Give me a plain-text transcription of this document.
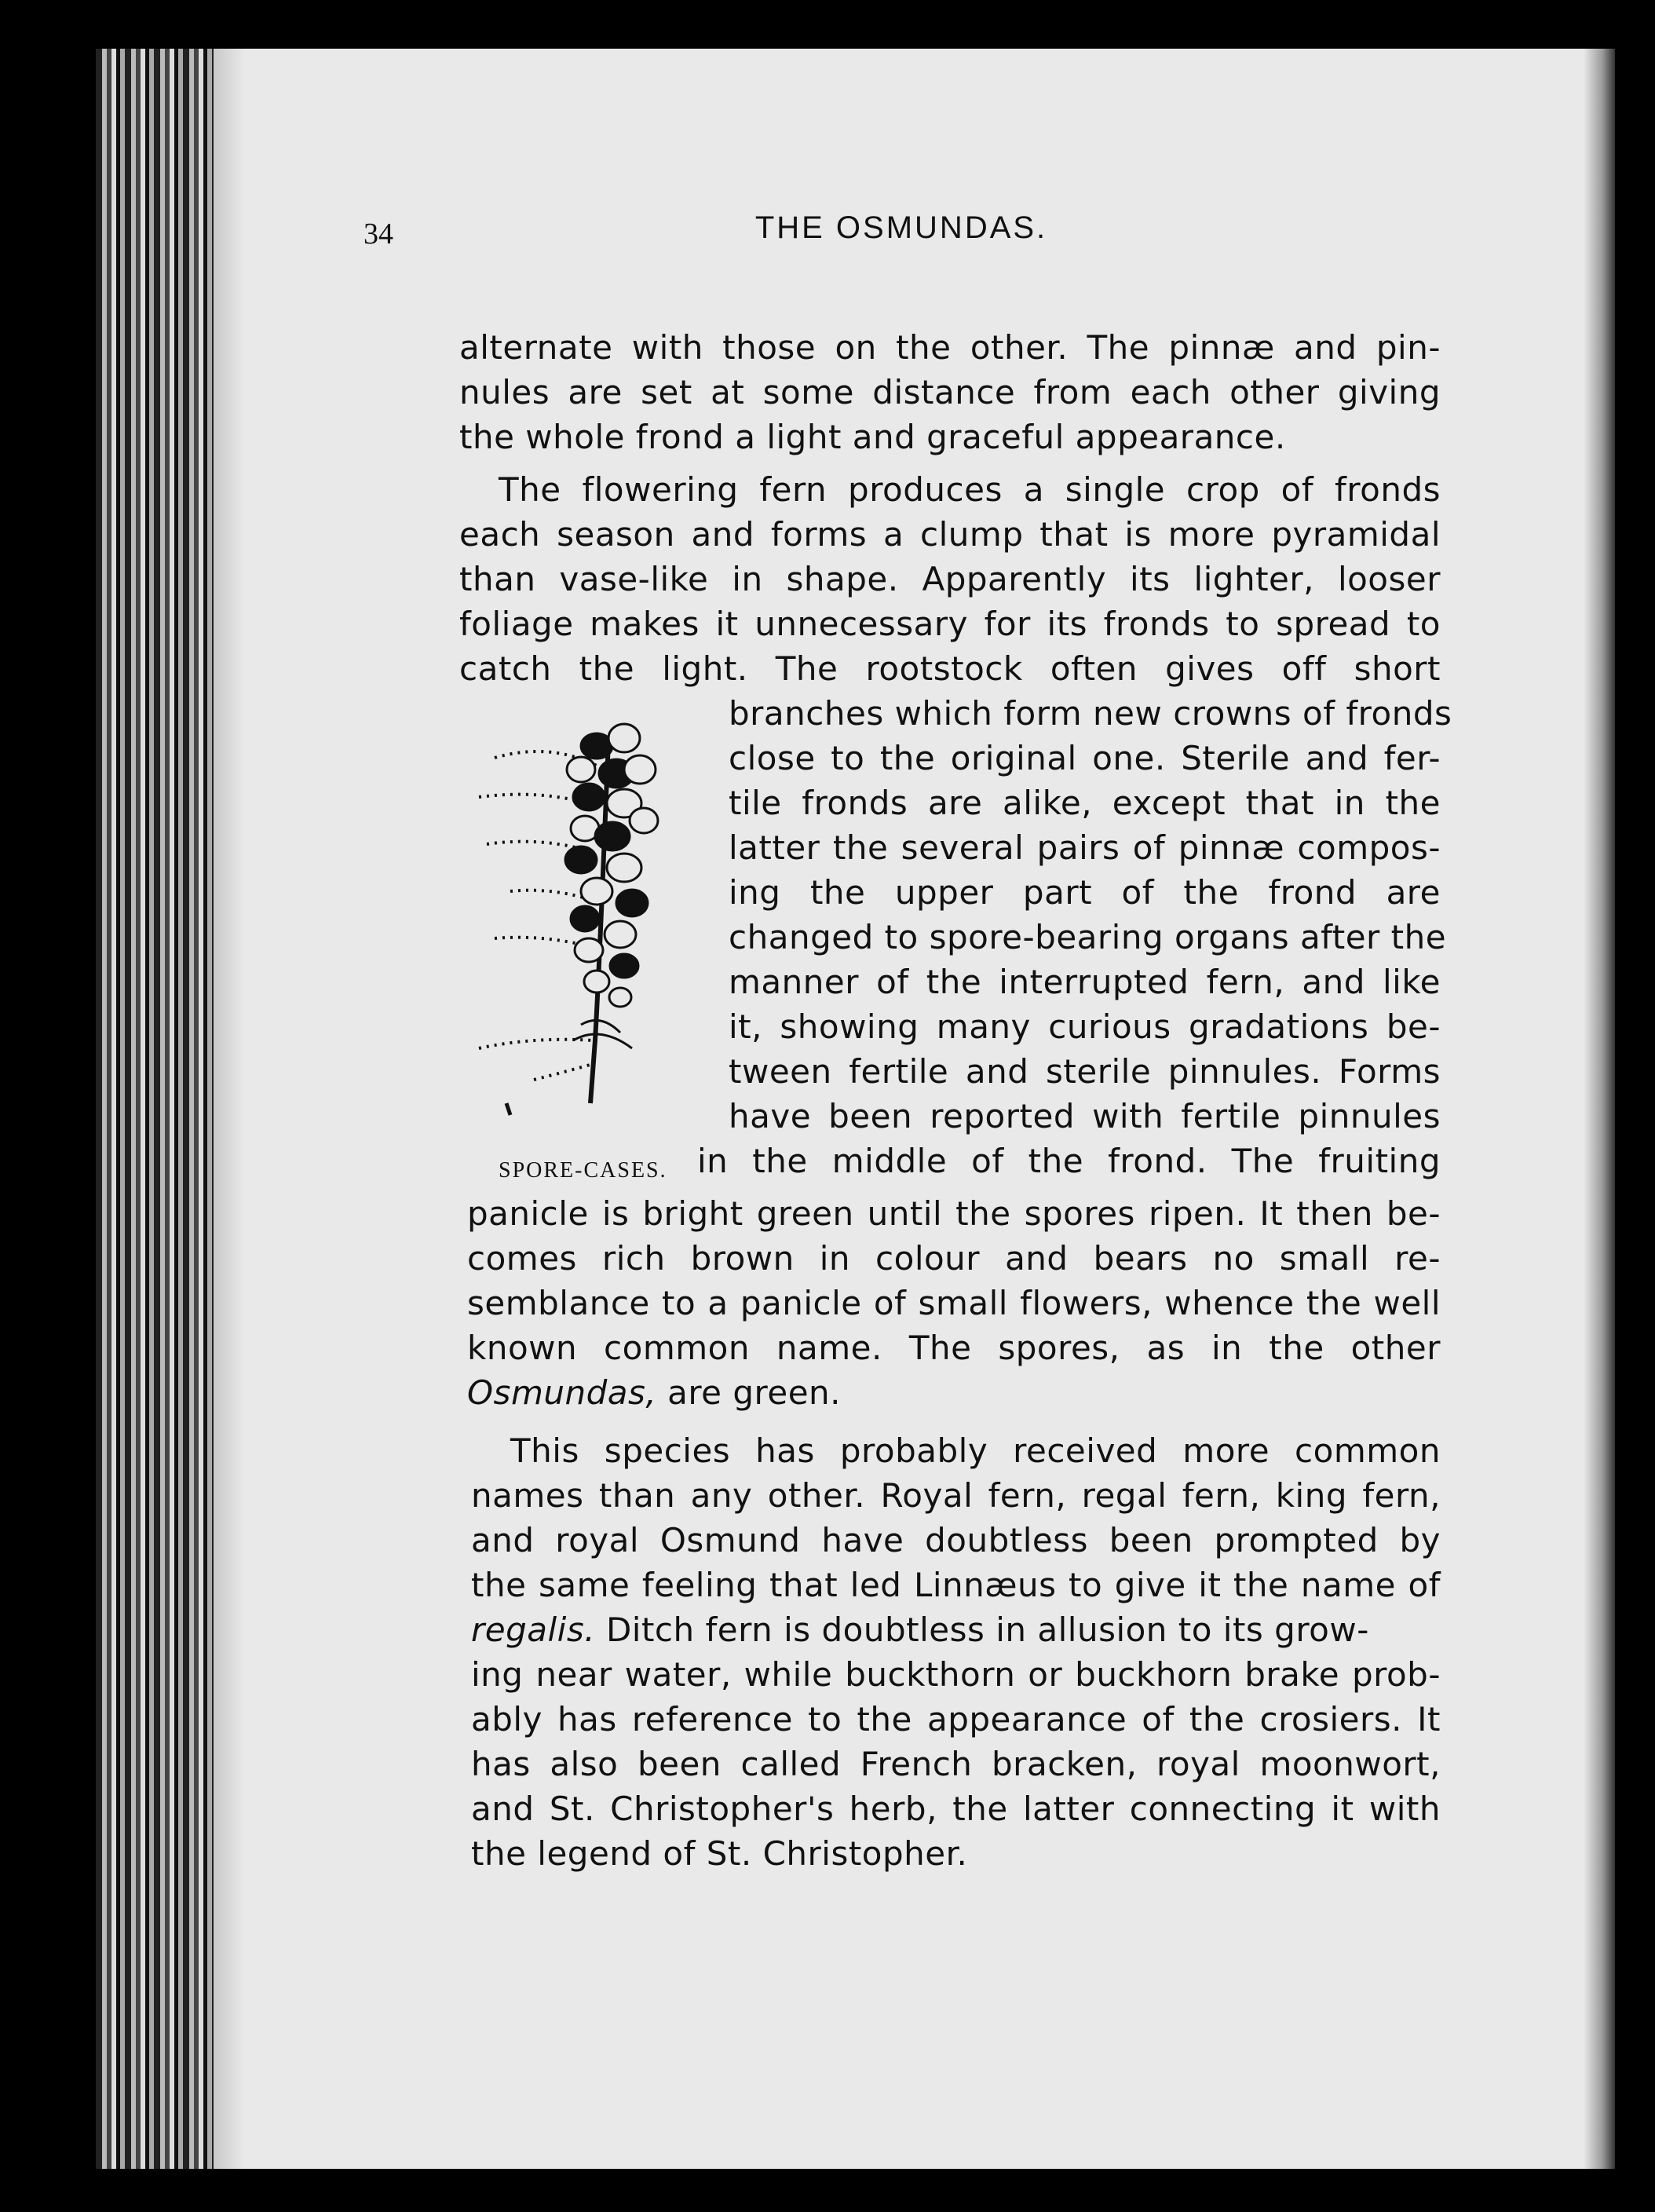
34	THE OSMUNDAS.
alternate with those on the other. The pinnæ and pin-
nules are set at some distance from each other giving
the whole frond a light and graceful appearance.
The flowering fern produces a single crop of fronds
each season and forms a clump that is more pyramidal
than vase-like in shape. Apparently its lighter, looser
foliage makes it unnecessary for its fronds to spread to
catch the light. The rootstock often gives off short
branches which form new crowns of fronds
close to the original one. Sterile and fer-
tile fronds are alike, except that in the
latter the several pairs of pinnæ compos-
ing the upper part of the frond are
changed to spore-bearing organs after the
manner of the interrupted fern, and like
it, showing many curious gradations be-
tween fertile and sterile pinnules. Forms
have been reported with fertile pinnules
in the middle of the frond. The fruiting
panicle is bright green until the spores ripen. It then be-
comes rich brown in colour and bears no small re-
semblance to a panicle of small flowers, whence the well
known common name. The spores, as in the other
Osmundas, are green.
This species has probably received more common
names than any other. Royal fern, regal fern, king fern,
and royal Osmund have doubtless been prompted by
the same feeling that led Linnæus to give it the name of
regalis. Ditch fern is doubtless in allusion to its grow-
ing near water, while buckthorn or buckhorn brake prob-
ably has reference to the appearance of the crosiers. It
has also been called French bracken, royal moonwort,
and St. Christopher's herb, the latter connecting it with
the legend of St. Christopher.
SPORE-CASES.
